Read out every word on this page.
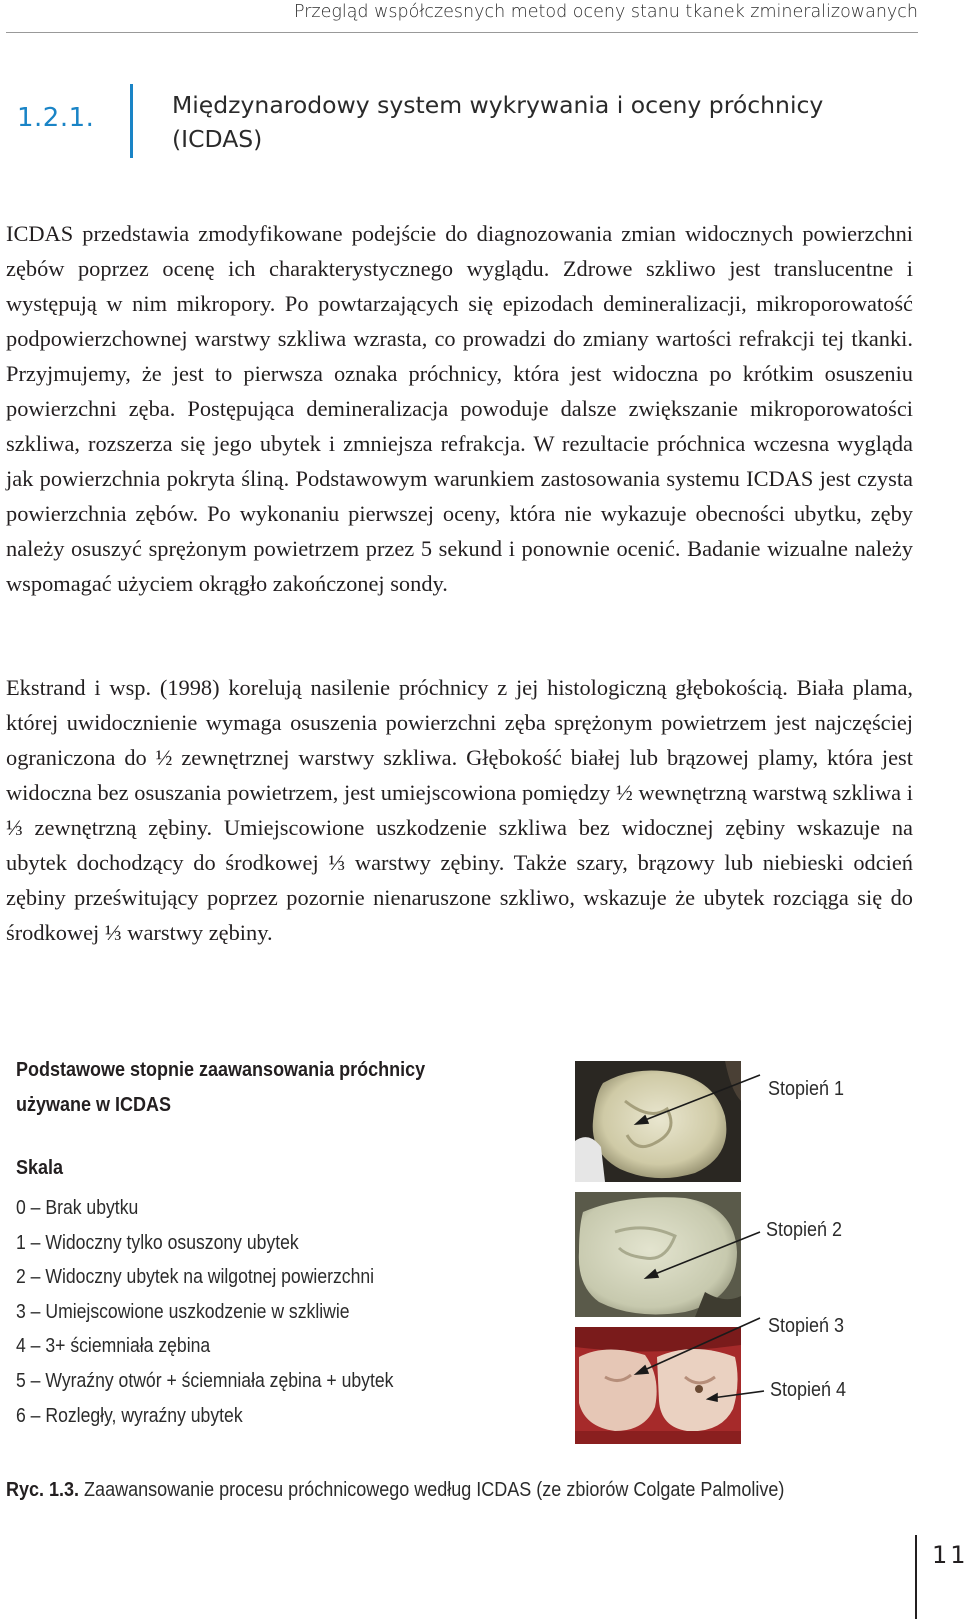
Przegląd współczesnych metod oceny stanu tkanek zmineralizowanych
1.2.1.	Międzynarodowy system wykrywania i oceny próchnicy (ICDAS)

ICDAS przedstawia zmodyfikowane podejście do diagnozowania zmian widocznych powierzchni zębów poprzez ocenę ich charakterystycznego wyglądu. Zdrowe szkliwo jest translucentne i występują w nim mikropory. Po powtarzających się epizodach demineralizacji, mikroporowatość podpowierzchownej warstwy szkliwa wzrasta, co prowadzi do zmiany wartości refrakcji tej tkanki. Przyjmujemy, że jest to pierwsza oznaka próchnicy, która jest widoczna po krótkim osuszeniu powierzchni zęba. Postępująca demineralizacja powoduje dalsze zwiększanie mikroporowatości szkliwa, rozszerza się jego ubytek i zmniejsza refrakcja. W rezultacie próchnica wczesna wygląda jak powierzchnia pokryta śliną. Podstawowym warunkiem zastosowania systemu ICDAS jest czysta powierzchnia zębów. Po wykonaniu pierwszej oceny, która nie wykazuje obecności ubytku, zęby należy osuszyć sprężonym powietrzem przez 5 sekund i ponownie ocenić. Badanie wizualne należy wspomagać użyciem okrągło zakończonej sondy.

Ekstrand i wsp. (1998) korelują nasilenie próchnicy z jej histologiczną głębokością. Biała plama, której uwidocznienie wymaga osuszenia powierzchni zęba sprężonym powietrzem jest najczęściej ograniczona do ½ zewnętrznej warstwy szkliwa. Głębokość białej lub brązowej plamy, która jest widoczna bez osuszania powietrzem, jest umiejscowiona pomiędzy ½ wewnętrzną warstwą szkliwa i ⅓ zewnętrzną zębiny. Umiejscowione uszkodzenie szkliwa bez widocznej zębiny wskazuje na ubytek dochodzący do środkowej ⅓ warstwy zębiny. Także szary, brązowy lub niebieski odcień zębiny prześwitujący poprzez pozornie nienaruszone szkliwo, wskazuje że ubytek rozciąga się do środkowej ⅓ warstwy zębiny.

Podstawowe stopnie zaawansowania próchnicy używane w ICDAS
Skala
0 – Brak ubytku
1 – Widoczny tylko osuszony ubytek
2 – Widoczny ubytek na wilgotnej powierzchni
3 – Umiejscowione uszkodzenie w szkliwie
4 – 3+ ściemniała zębina
5 – Wyraźny otwór + ściemniała zębina + ubytek
6 – Rozległy, wyraźny ubytek
Stopień 1
Stopień 2
Stopień 3
Stopień 4
Ryc. 1.3. Zaawansowanie procesu próchnicowego według ICDAS (ze zbiorów Colgate Palmolive)
11
